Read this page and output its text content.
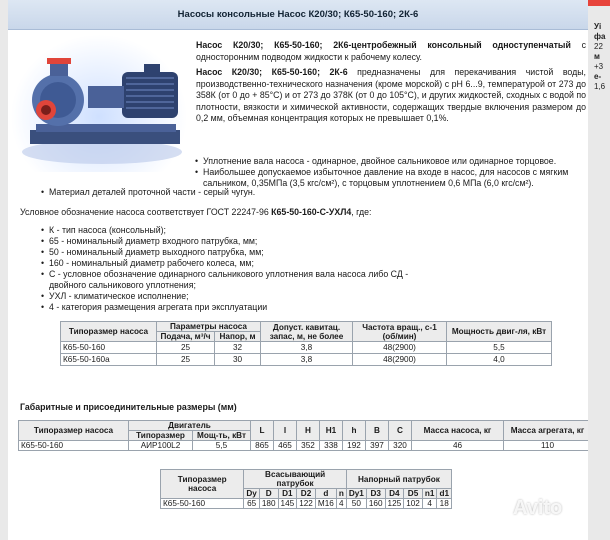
Насосы консольные Насос К20/30; К65-50-160; 2К-6

Насос К20/30; К65-50-160; 2К6-центробежный консольный одноступенчатый с односторонним подводом жидкости к рабочему колесу.

Насос К20/30; К65-50-160; 2К-6 предназначены для перекачивания чистой воды, производственно-технического назначения (кроме морской) с рН 6...9, температурой от 273 до 358К (от 0 до + 85°С) и от 273 до 378К (от 0 до 105°С), и других жидкостей, сходных с водой по плотности, вязкости и химической активности, содержащих твердые включения размером до 0,2 мм, объемная концентрация которых не превышает 0,1%.

• Уплотнение вала насоса - одинарное, двойное сальниковое или одинарное торцовое.
• Наибольшее допускаемое избыточное давление на входе в насос, для насосов с мягким сальником, 0,35МПа (3,5 кгс/см²), с торцовым уплотнением 0,6 МПа (6,0 кгс/см²).
• Материал деталей проточной части - серый чугун.
Условное обозначение насоса соответствует ГОСТ 22247-96 К65-50-160-С-УХЛ4, где:
• К - тип насоса (консольный);
• 65 - номинальный диаметр входного патрубка, мм;
• 50 - номинальный диаметр выходного патрубка, мм;
• 160 - номинальный диаметр рабочего колеса, мм;
• С - условное обозначение одинарного сальникового уплотнения вала насоса либо СД - двойного сальникового уплотнения;
• УХЛ - климатическое исполнение;
• 4 - категория размещения агрегата при эксплуатации
Типоразмер насоса	Параметры насоса		Допуст. кавитац. запас, м, не более	Частота вращ., с-1 (об/мин)	Мощность двиг-ля, кВт
	Подача, м³/ч	Напор, м			
К65-50-160	25	32	3,8	48(2900)	5,5
К65-50-160а	25	30	3,8	48(2900)	4,0
Габаритные и присоединительные размеры (мм)
Типоразмер насоса	Двигатель		L	l	H	H1	h	B	C	Масса насоса, кг	Масса агрегата, кг
	Типоразмер	Мощ-ть, кВт									
К65-50-160	АИР100L2	5,5	865	465	352	338	192	397	320	46	110
Типоразмер насоса	Всасывающий патрубок						Напорный патрубок					
	Dy	D	D1	D2	d	n	Dy1	D3	D4	D5	n1	d1
К65-50-160	65	180	145	122	М16	4	50	160	125	102	4	18	Avito
Уі
фа
22
м
+3
е-
1,6
